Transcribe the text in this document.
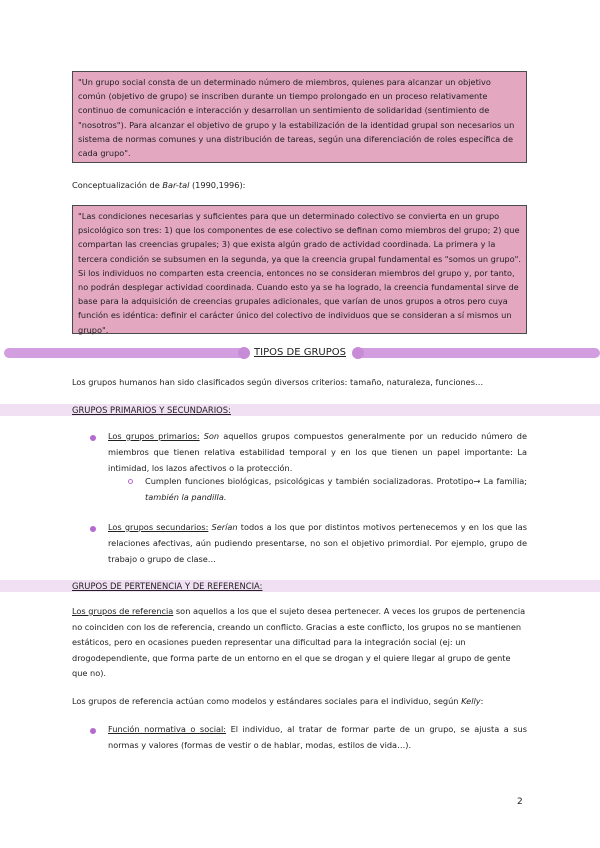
"Un grupo social consta de un determinado número de miembros, quienes para alcanzar un objetivo común (objetivo de grupo) se inscriben durante un tiempo prolongado en un proceso relativamente continuo de comunicación e interacción y desarrollan un sentimiento de solidaridad (sentimiento de "nosotros"). Para alcanzar el objetivo de grupo y la estabilización de la identidad grupal son necesarios un sistema de normas comunes y una distribución de tareas, según una diferenciación de roles específica de cada grupo".
Conceptualización de Bar-tal (1990,1996):
"Las condiciones necesarias y suficientes para que un determinado colectivo se convierta en un grupo psicológico son tres: 1) que los componentes de ese colectivo se definan como miembros del grupo; 2) que compartan las creencias grupales; 3) que exista algún grado de actividad coordinada. La primera y la tercera condición se subsumen en la segunda, ya que la creencia grupal fundamental es "somos un grupo". Si los individuos no comparten esta creencia, entonces no se consideran miembros del grupo y, por tanto, no podrán desplegar actividad coordinada. Cuando esto ya se ha logrado, la creencia fundamental sirve de base para la adquisición de creencias grupales adicionales, que varían de unos grupos a otros pero cuya función es idéntica: definir el carácter único del colectivo de individuos que se consideran a sí mismos un grupo".
TIPOS DE GRUPOS
Los grupos humanos han sido clasificados según diversos criterios: tamaño, naturaleza, funciones…
GRUPOS PRIMARIOS Y SECUNDARIOS:
Los grupos primarios: Son aquellos grupos compuestos generalmente por un reducido número de miembros que tienen relativa estabilidad temporal y en los que tienen un papel importante: La intimidad, los lazos afectivos o la protección.
Cumplen funciones biológicas, psicológicas y también socializadoras. Prototipo→ La familia; también la pandilla.
Los grupos secundarios: Serían todos a los que por distintos motivos pertenecemos y en los que las relaciones afectivas, aún pudiendo presentarse, no son el objetivo primordial. Por ejemplo, grupo de trabajo o grupo de clase…
GRUPOS DE PERTENENCIA Y DE REFERENCIA:
Los grupos de referencia son aquellos a los que el sujeto desea pertenecer. A veces los grupos de pertenencia no coinciden con los de referencia, creando un conflicto. Gracias a este conflicto, los grupos no se mantienen estáticos, pero en ocasiones pueden representar una dificultad para la integración social (ej: un drogodependiente, que forma parte de un entorno en el que se drogan y el quiere llegar al grupo de gente que no).
Los grupos de referencia actúan como modelos y estándares sociales para el individuo, según Kelly:
Función normativa o social: El individuo, al tratar de formar parte de un grupo, se ajusta a sus normas y valores (formas de vestir o de hablar, modas, estilos de vida…).
2
